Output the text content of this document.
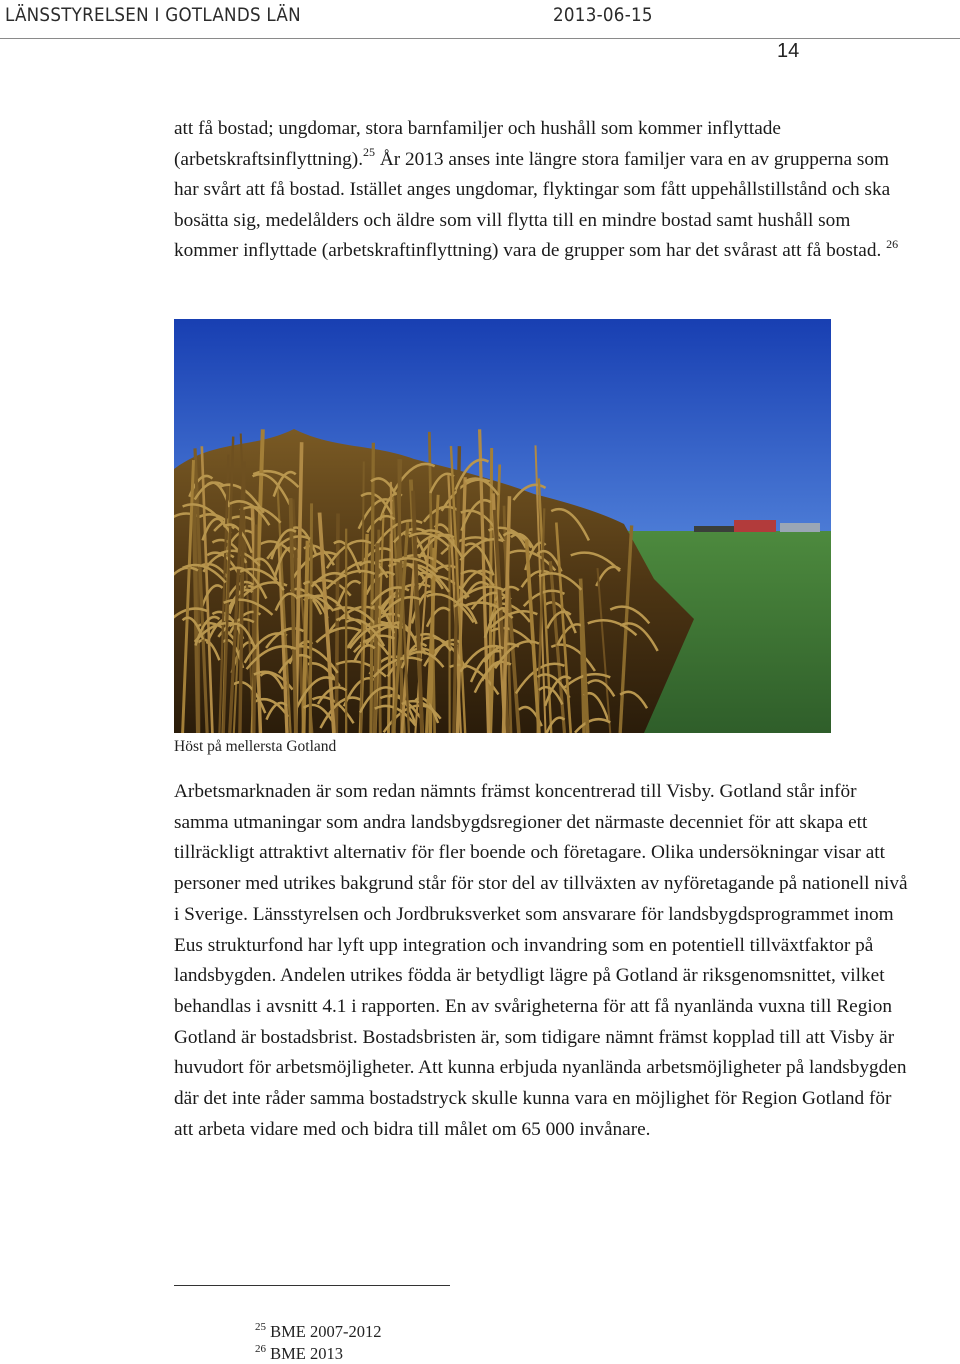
LÄNSSTYRELSEN I GOTLANDS LÄN	2013-06-15
14

att få bostad; ungdomar, stora barnfamiljer och hushåll som kommer inflyttade (arbetskraftsinflyttning).$^{25}$ År 2013 anses inte längre stora familjer vara en av grupperna som har svårt att få bostad. Istället anges ungdomar, flyktingar som fått uppehållstillstånd och ska bosätta sig, medelålders och äldre som vill flytta till en mindre bostad samt hushåll som kommer inflyttade (arbetskraftinflyttning) vara de grupper som har det svårast att få bostad. $^{26}$

Höst på mellersta Gotland

Arbetsmarknaden är som redan nämnts främst koncentrerad till Visby. Gotland står inför samma utmaningar som andra landsbygdsregioner det närmaste decenniet för att skapa ett tillräckligt attraktivt alternativ för fler boende och företagare. Olika undersökningar visar att personer med utrikes bakgrund står för stor del av tillväxten av nyföretagande på nationell nivå i Sverige. Länsstyrelsen och Jordbruksverket som ansvarare för landsbygdsprogrammet inom Eus strukturfond har lyft upp integration och invandring som en potentiell tillväxtfaktor på landsbygden. Andelen utrikes födda är betydligt lägre på Gotland är riksgenomsnittet, vilket behandlas i avsnitt 4.1 i rapporten. En av svårigheterna för att få nyanlända vuxna till Region Gotland är bostadsbrist. Bostadsbristen är, som tidigare nämnt främst kopplad till att Visby är huvudort för arbetsmöjligheter. Att kunna erbjuda nyanlända arbetsmöjligheter på landsbygden där det inte råder samma bostadstryck skulle kunna vara en möjlighet för Region Gotland för att arbeta vidare med och bidra till målet om 65 000 invånare.

$^{25}$ BME 2007-2012
$^{26}$ BME 2013
